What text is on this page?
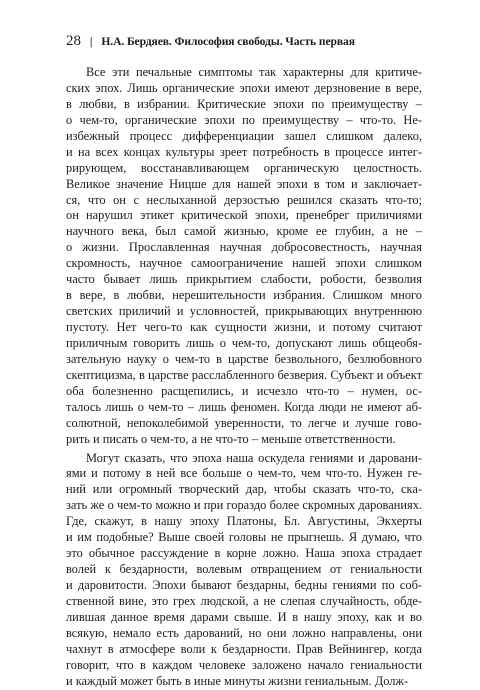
28 | Н.А. Бердяев. Философия свободы. Часть первая
Все эти печальные симптомы так характерны для критиче-
ских эпох. Лишь органические эпохи имеют дерзновение в вере,
в любви, в избрании. Критические эпохи по преимуществу –
о чем-то, органические эпохи по преимуществу – что-то. Не-
избежный процесс дифференциации зашел слишком далеко,
и на всех концах культуры зреет потребность в процессе интег-
рирующем, восстанавливающем органическую целостность.
Великое значение Ницше для нашей эпохи в том и заключает-
ся, что он с неслыханной дерзостью решился сказать что-то;
он нарушил этикет критической эпохи, пренебрег приличиями
научного века, был самой жизнью, кроме ее глубин, а не –
о жизни. Прославленная научная добросовестность, научная
скромность, научное самоограничение нашей эпохи слишком
часто бывает лишь прикрытием слабости, робости, безволия
в вере, в любви, нерешительности избрания. Слишком много
светских приличий и условностей, прикрывающих внутреннюю
пустоту. Нет чего-то как сущности жизни, и потому считают
приличным говорить лишь о чем-то, допускают лишь общеобя-
зательную науку о чем-то в царстве безвольного, безлюбовного
скептицизма, в царстве расслабленного безверия. Субъект и объект
оба болезненно расщепились, и исчезло что-то – нумен, ос-
талось лишь о чем-то – лишь феномен. Когда люди не имеют аб-
солютной, непоколебимой уверенности, то легче и лучше гово-
рить и писать о чем-то, а не что-то – меньше ответственности.
Могут сказать, что эпоха наша оскудела гениями и даровани-
ями и потому в ней все больше о чем-то, чем что-то. Нужен ге-
ний или огромный творческий дар, чтобы сказать что-то, ска-
зать же о чем-то можно и при гораздо более скромных дарованиях.
Где, скажут, в нашу эпоху Платоны, Бл. Августины, Экхерты
и им подобные? Выше своей головы не прыгнешь. Я думаю, что
это обычное рассуждение в корне ложно. Наша эпоха страдает
волей к бездарности, волевым отвращением от гениальности
и даровитости. Эпохи бывают бездарны, бедны гениями по соб-
ственной вине, это грех людской, а не слепая случайность, обде-
лившая данное время дарами свыше. И в нашу эпоху, как и во
всякую, немало есть дарований, но они ложно направлены, они
чахнут в атмосфере воли к бездарности. Прав Вейнингер, когда
говорит, что в каждом человеке заложено начало гениальности
и каждый может быть в иные минуты жизни гениальным. Долж-
